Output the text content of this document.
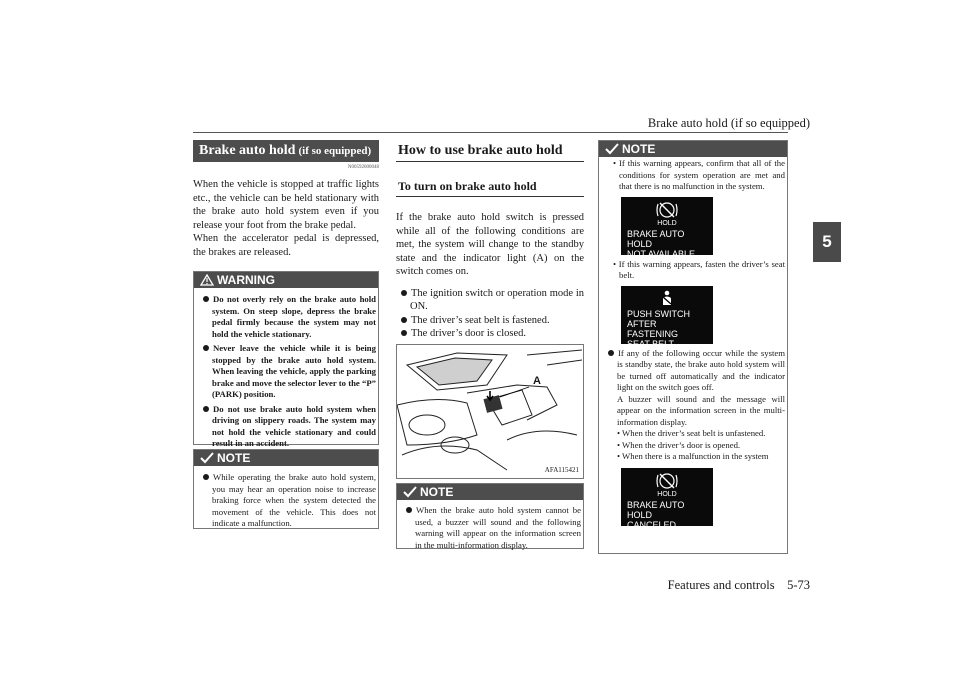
Brake auto hold (if so equipped)
5
Brake auto hold (if so equipped)
N00592000048

When the vehicle is stopped at traffic lights etc., the vehicle can be held stationary with the brake auto hold system even if you release your foot from the brake pedal.

When the accelerator pedal is depressed, the brakes are released.

WARNING

Do not overly rely on the brake auto hold system. On steep slope, depress the brake pedal firmly because the system may not hold the vehicle stationary.

Never leave the vehicle while it is being stopped by the brake auto hold system. When leaving the vehicle, apply the parking brake and move the selector lever to the “P” (PARK) position.

Do not use brake auto hold system when driving on slippery roads. The system may not hold the vehicle stationary and could result in an accident.

NOTE

While operating the brake auto hold system, you may hear an operation noise to increase braking force when the system detected the movement of the vehicle. This does not indicate a malfunction.

How to use brake auto hold
To turn on brake auto hold

If the brake auto hold switch is pressed while all of the following conditions are met, the system will change to the standby state and the indicator light (A) on the switch comes on.

The ignition switch or operation mode in ON.

The driver’s seat belt is fastened.

The driver’s door is closed.

A
AFA115421
NOTE

When the brake auto hold system cannot be used, a buzzer will sound and the following warning will appear on the information screen in the multi-information display.

NOTE

• If this warning appears, confirm that all of the conditions for system operation are met and that there is no malfunction in the system.

HOLD
BRAKE AUTO HOLD
NOT AVAILABLE

• If this warning appears, fasten the driver’s seat belt.

PUSH SWITCH
AFTER FASTENING
SEAT BELT

If any of the following occur while the system is standby state, the brake auto hold system will be turned off automatically and the indicator light on the switch goes off.

A buzzer will sound and the message will appear on the information screen in the multi-information display.

• When the driver’s seat belt is unfastened.

• When the driver’s door is opened.

• When there is a malfunction in the system

HOLD
BRAKE AUTO HOLD
CANCELED
Features and controls    5-73
